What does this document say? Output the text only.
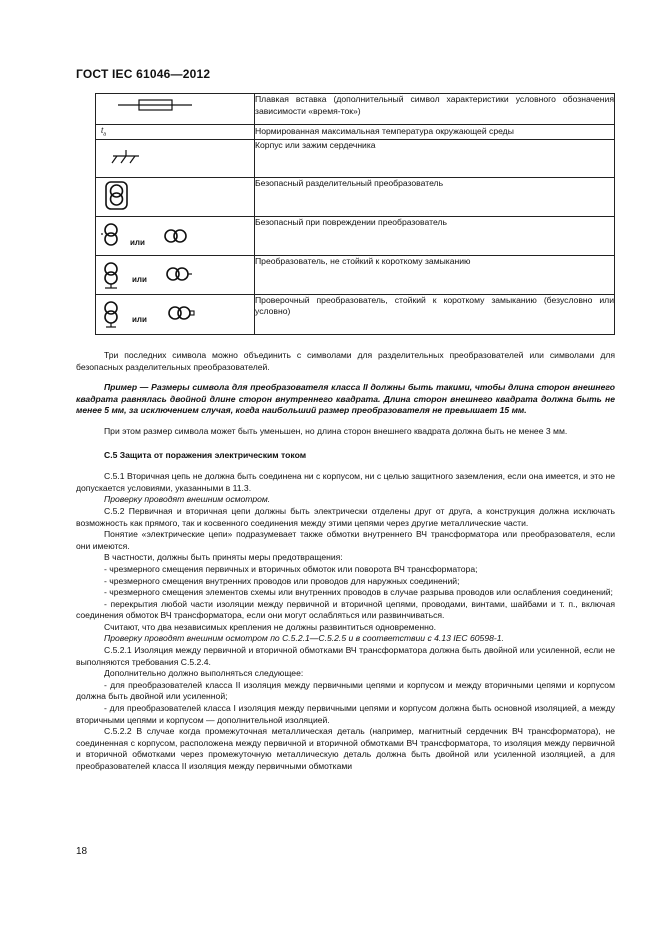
ГОСТ IEC 61046—2012
	Плавкая вставка (дополнительный символ характеристики условного обозначения зависимости «время-ток»)

$t_a$	Нормированная максимальная температура окружающей среды

	Корпус или зажим сердечника

	Безопасный разделительный преобразователь

или	Безопасный при повреждении преобразователь

или	Преобразователь, не стойкий к короткому замыканию

или	Проверочный преобразователь, стойкий к короткому замыканию (безусловно или условно)

Три последних символа можно объединить с символами для разделительных преобразователей или символами для безопасных разделительных преобразователей.

Пример — Размеры символа для преобразователя класса II должны быть такими, чтобы длина сторон внешнего квадрата равнялась двойной длине сторон внутреннего квадрата. Длина сторон внешнего квадрата должна быть не менее 5 мм, за исключением случая, когда наибольший размер преобразователя не превышает 15 мм.

При этом размер символа может быть уменьшен, но длина сторон внешнего квадрата должна быть не менее 3 мм.

С.5 Защита от поражения электрическим током

С.5.1 Вторичная цепь не должна быть соединена ни с корпусом, ни с целью защитного заземления, если она имеется, и это не допускается условиями, указанными в 11.3.

Проверку проводят внешним осмотром.

С.5.2 Первичная и вторичная цепи должны быть электрически отделены друг от друга, а конструкция должна исключать возможность как прямого, так и косвенного соединения между этими цепями через другие металлические части.

Понятие «электрические цепи» подразумевает также обмотки внутреннего ВЧ трансформатора или преобразователя, если они имеются.

В частности, должны быть приняты меры предотвращения:

- чрезмерного смещения первичных и вторичных обмоток или поворота ВЧ трансформатора;

- чрезмерного смещения внутренних проводов или проводов для наружных соединений;

- чрезмерного смещения элементов схемы или внутренних проводов в случае разрыва проводов или ослабления соединений;

- перекрытия любой части изоляции между первичной и вторичной цепями, проводами, винтами, шайбами и т. п., включая соединения обмоток ВЧ трансформатора, если они могут ослабляться или развинчиваться.

Считают, что два независимых крепления не должны развинтиться одновременно.

Проверку проводят внешним осмотром по С.5.2.1—С.5.2.5 и в соответствии с 4.13 IEC 60598-1.

С.5.2.1 Изоляция между первичной и вторичной обмотками ВЧ трансформатора должна быть двойной или усиленной, если не выполняются требования С.5.2.4.

Дополнительно должно выполняться следующее:

- для преобразователей класса II изоляция между первичными цепями и корпусом и между вторичными цепями и корпусом должна быть двойной или усиленной;

- для преобразователей класса I изоляция между первичными цепями и корпусом должна быть основной изоляцией, а между вторичными цепями и корпусом — дополнительной изоляцией.

С.5.2.2 В случае когда промежуточная металлическая деталь (например, магнитный сердечник ВЧ трансформатора), не соединенная с корпусом, расположена между первичной и вторичной обмотками ВЧ трансформатора, то изоляция между первичной и вторичной обмотками через промежуточную металлическую деталь должна быть двойной или усиленной изоляцией, а для преобразователей класса II изоляция между первичными обмотками

18
